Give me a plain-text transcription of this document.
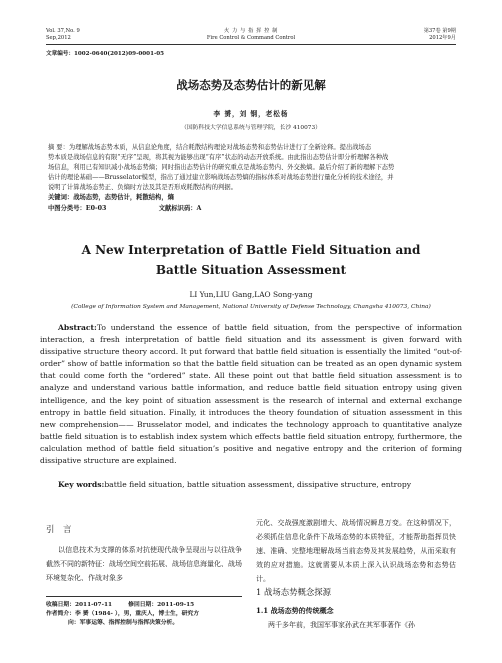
Vol. 37,No. 9
Sep,2012
火 力 与 指 挥 控 制
Fire Control & Command Control
第37卷 第9期
2012年9月
文章编号：1002-0640(2012)09-0001-05
战场态势及态势估计的新见解
李 赟，刘 钢，老松杨
（国防科技大学信息系统与管理学院，长沙 410073）
摘 要：为理解战场态势本质，从信息论角度，结合耗散结构理论对战场态势和态势估计进行了全新诠释。提出战场态
势本质是战场信息的有限“无序”呈现，将其视为能够出现“有序”状态的动态开放系统。由此指出态势估计即分析理解各种战
场信息，利用已有知识减小战场态势熵；同时指出态势估计的研究重点是战场态势内、外交换熵。最后介绍了新的理解下态势
估计的理论基础——Brusselator模型，指出了通过建立影响战场态势熵的指标体系对战场态势进行量化分析的技术途径，并
说明了计算战场态势正、负熵时方法及其是否形成耗散结构的判据。
关键词：战场态势，态势估计，耗散结构，熵
中图分类号：E0-03	文献标识码：A
A New Interpretation of Battle Field Situation and
Battle Situation Assessment
LI Yun,LIU Gang,LAO Song-yang
(College of Information System and Management, National University of Defense Technology, Changsha 410073, China)
Abstract:To understand the essence of battle field situation, from the perspective of information interaction, a fresh interpretation of battle field situation and its assessment is given forward with dissipative structure theory accord. It put forward that battle field situation is essentially the limited “out-of-order” show of battle information so that the battle field situation can be treated as an open dynamic system that could come forth the “ordered” state. All these point out that battle field situation assessment is to analyze and understand various battle information, and reduce battle field situation entropy using given intelligence, and the key point of situation assessment is the research of internal and external exchange entropy in battle field situation. Finally, it introduces the theory foundation of situation assessment in this new comprehension—— Brusselator model, and indicates the technology approach to quantitative analyze battle field situation is to establish index system which effects battle field situation entropy, furthermore, the calculation method of battle field situation’s positive and negative entropy and the criterion of forming dissipative structure are explained.
Key words:battle field situation, battle situation assessment, dissipative structure, entropy
引 言
以信息技术为支撑的体系对抗使现代战争呈现出与以往战争截然不同的新特征：战场空间空前拓展、战场信息海量化、战场环境复杂化、作战对象多
收稿日期：2011-07-11	修回日期：2011-09-15
作者简介：李 赟（1984- ），男，重庆人，博士生，研究方
向：军事运筹、指挥控制与指挥决策分析。
元化、交战强度激剧增大、战场情况瞬息万变。在这种情况下，必须抓住信息化条件下战场态势的本质特征，才能帮助指挥员快速、准确、完整地理解战场当前态势及其发展趋势，从而采取有效的应对措施。这就需要从本质上深入认识战场态势和态势估计。
1 战场态势概念探源
1.1 战场态势的传统概念
两千多年前，我国军事家孙武在其军事著作《孙
